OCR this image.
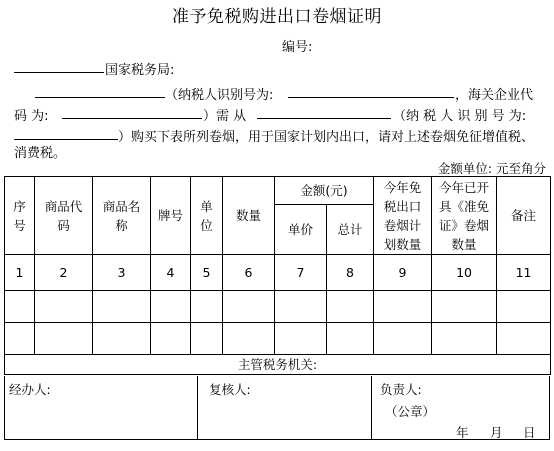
准予免税购进出口卷烟证明
编号:
国家税务局:
（纳税人识别号为:	，海关企业代
码 为:	）需 从	（纳 税 人 识 别 号 为:
）购买下表所列卷烟，用于国家计划内出口，请对上述卷烟免征增值税、
消费税。
金额单位: 元至角分
序号	商品代码	商品名称	牌号	单位	数量	金额(元)		今年免税出口卷烟计划数量	今年已开具《准免证》卷烟数量	备注
						单价	总计			
1	2	3	4	5	6	7	8	9	10	11

主管税务机关:										
经办人:	复核人:	负责人:
（公章）
年 月 日
